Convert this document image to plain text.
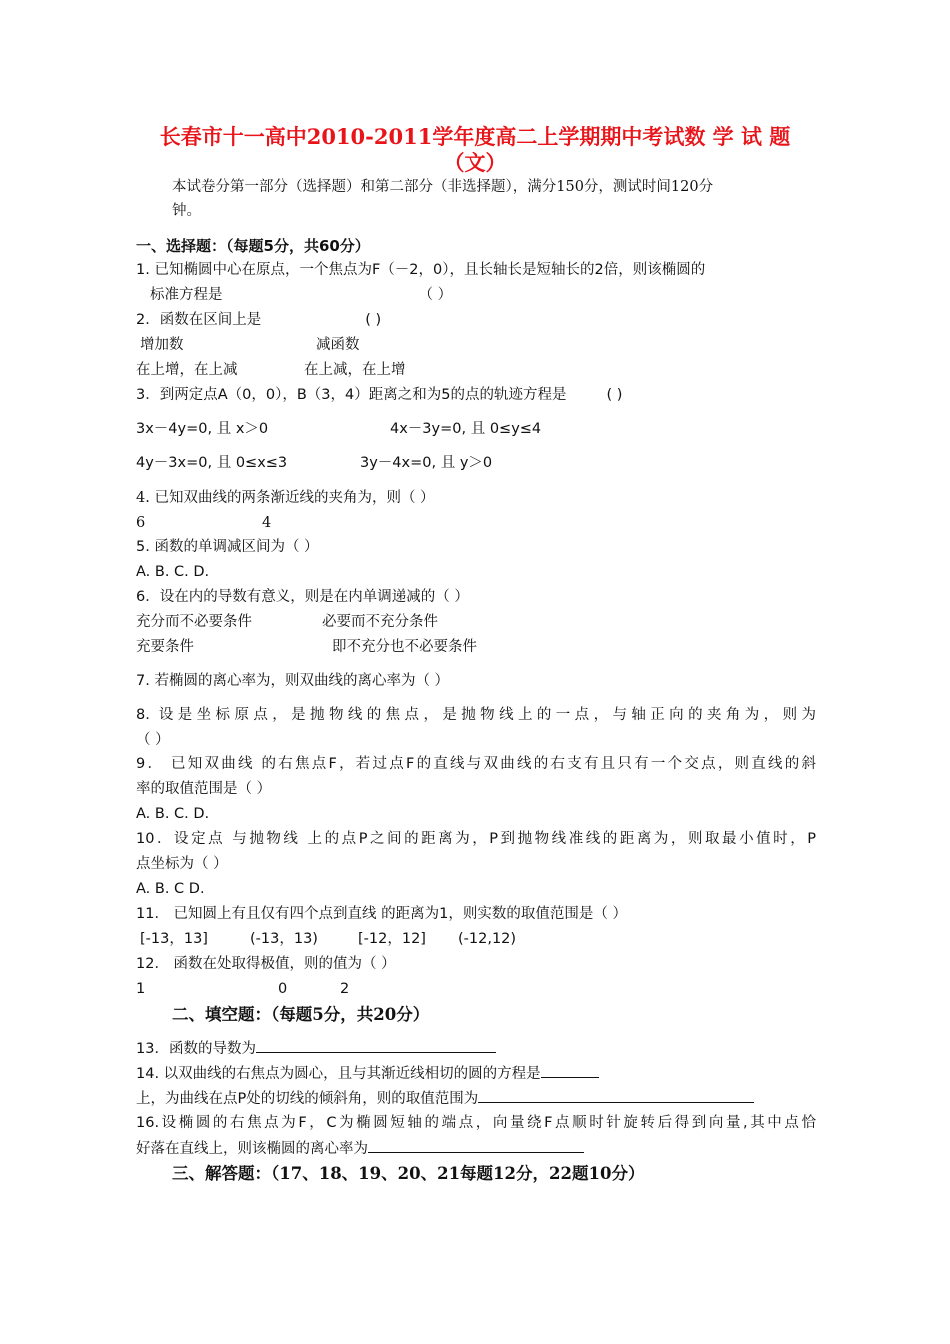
长春市十一高中2010-2011学年度高二上学期期中考试数 学 试 题
（文）
本试卷分第一部分（选择题）和第二部分（非选择题），满分150分，测试时间120分
钟。
一、选择题：（每题5分，共60分）
1. 已知椭圆中心在原点，一个焦点为F（－2，0），且长轴长是短轴长的2倍，则该椭圆的
标准方程是	（ ）
2．函数在区间上是	( )
增加数	减函数
在上增，在上减	在上减，在上增
3．到两定点A（0，0），B（3，4）距离之和为5的点的轨迹方程是	( )
3x－4y=0, 且 x＞0	4x－3y=0, 且 0≤y≤4
4y－3x=0, 且 0≤x≤3	3y－4x=0, 且 y＞0
4. 已知双曲线的两条渐近线的夹角为，则（ ）
6	4
5. 函数的单调减区间为（ ）
A. B. C. D.
6．设在内的导数有意义，则是在内单调递减的（ ）
充分而不必要条件	必要而不充分条件
充要条件	即不充分也不必要条件
7. 若椭圆的离心率为，则双曲线的离心率为（ ）
8. 设是坐标原点，是抛物线的焦点，是抛物线上的一点，与轴正向的夹角为，则为
（ ）
9． 已知双曲线 的右焦点F，若过点F的直线与双曲线的右支有且只有一个交点，则直线的斜
率的取值范围是（ ）
A. B. C. D.
10．设定点 与抛物线 上的点P之间的距离为，P到抛物线准线的距离为，则取最小值时，P
点坐标为（ ）
A. B. C D.
11． 已知圆上有且仅有四个点到直线 的距离为1，则实数的取值范围是（ ）
[-13，13]	(-13，13)	[-12，12] (-12,12)
12． 函数在处取得极值，则的值为（ ）
1	0	2
二、填空题：（每题5分，共20分）
13．函数的导数为
14. 以双曲线的右焦点为圆心，且与其渐近线相切的圆的方程是
上，为曲线在点P处的切线的倾斜角，则的取值范围为
16.设椭圆的右焦点为F，C为椭圆短轴的端点，向量绕F点顺时针旋转后得到向量,其中点恰
好落在直线上，则该椭圆的离心率为
三、解答题：（17、18、19、20、21每题12分，22题10分）
